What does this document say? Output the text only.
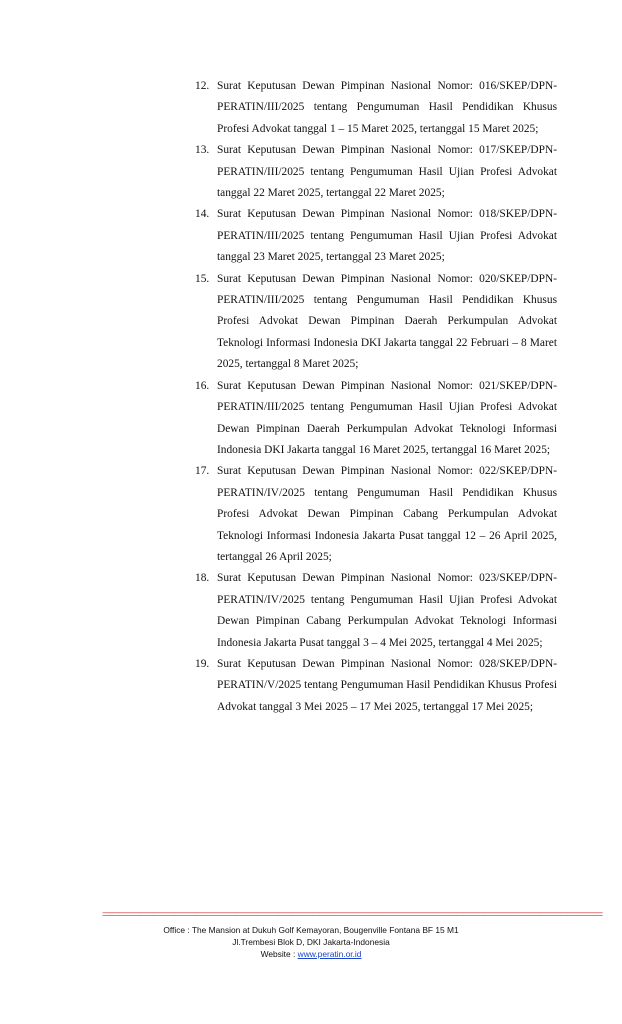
12. Surat Keputusan Dewan Pimpinan Nasional Nomor: 016/SKEP/DPN-PERATIN/III/2025 tentang Pengumuman Hasil Pendidikan Khusus Profesi Advokat tanggal 1 – 15 Maret 2025, tertanggal 15 Maret 2025;
13. Surat Keputusan Dewan Pimpinan Nasional Nomor: 017/SKEP/DPN-PERATIN/III/2025 tentang Pengumuman Hasil Ujian Profesi Advokat tanggal 22 Maret 2025, tertanggal 22 Maret 2025;
14. Surat Keputusan Dewan Pimpinan Nasional Nomor: 018/SKEP/DPN-PERATIN/III/2025 tentang Pengumuman Hasil Ujian Profesi Advokat tanggal 23 Maret 2025, tertanggal 23 Maret 2025;
15. Surat Keputusan Dewan Pimpinan Nasional Nomor: 020/SKEP/DPN-PERATIN/III/2025 tentang Pengumuman Hasil Pendidikan Khusus Profesi Advokat Dewan Pimpinan Daerah Perkumpulan Advokat Teknologi Informasi Indonesia DKI Jakarta tanggal 22 Februari – 8 Maret 2025, tertanggal 8 Maret 2025;
16. Surat Keputusan Dewan Pimpinan Nasional Nomor: 021/SKEP/DPN-PERATIN/III/2025 tentang Pengumuman Hasil Ujian Profesi Advokat Dewan Pimpinan Daerah Perkumpulan Advokat Teknologi Informasi Indonesia DKI Jakarta tanggal 16 Maret 2025, tertanggal 16 Maret 2025;
17. Surat Keputusan Dewan Pimpinan Nasional Nomor: 022/SKEP/DPN-PERATIN/IV/2025 tentang Pengumuman Hasil Pendidikan Khusus Profesi Advokat Dewan Pimpinan Cabang Perkumpulan Advokat Teknologi Informasi Indonesia Jakarta Pusat tanggal 12 – 26 April 2025, tertanggal 26 April 2025;
18. Surat Keputusan Dewan Pimpinan Nasional Nomor: 023/SKEP/DPN-PERATIN/IV/2025 tentang Pengumuman Hasil Ujian Profesi Advokat Dewan Pimpinan Cabang Perkumpulan Advokat Teknologi Informasi Indonesia Jakarta Pusat tanggal 3 – 4 Mei 2025, tertanggal 4 Mei 2025;
19. Surat Keputusan Dewan Pimpinan Nasional Nomor: 028/SKEP/DPN-PERATIN/V/2025 tentang Pengumuman Hasil Pendidikan Khusus Profesi Advokat tanggal 3 Mei 2025 – 17 Mei 2025, tertanggal 17 Mei 2025;
=======================================================================================================================
Office : The Mansion at Dukuh Golf Kemayoran, Bougenville Fontana BF 15 M1
Jl.Trembesi Blok D, DKI Jakarta-Indonesia
Website : www.peratin.or.id
